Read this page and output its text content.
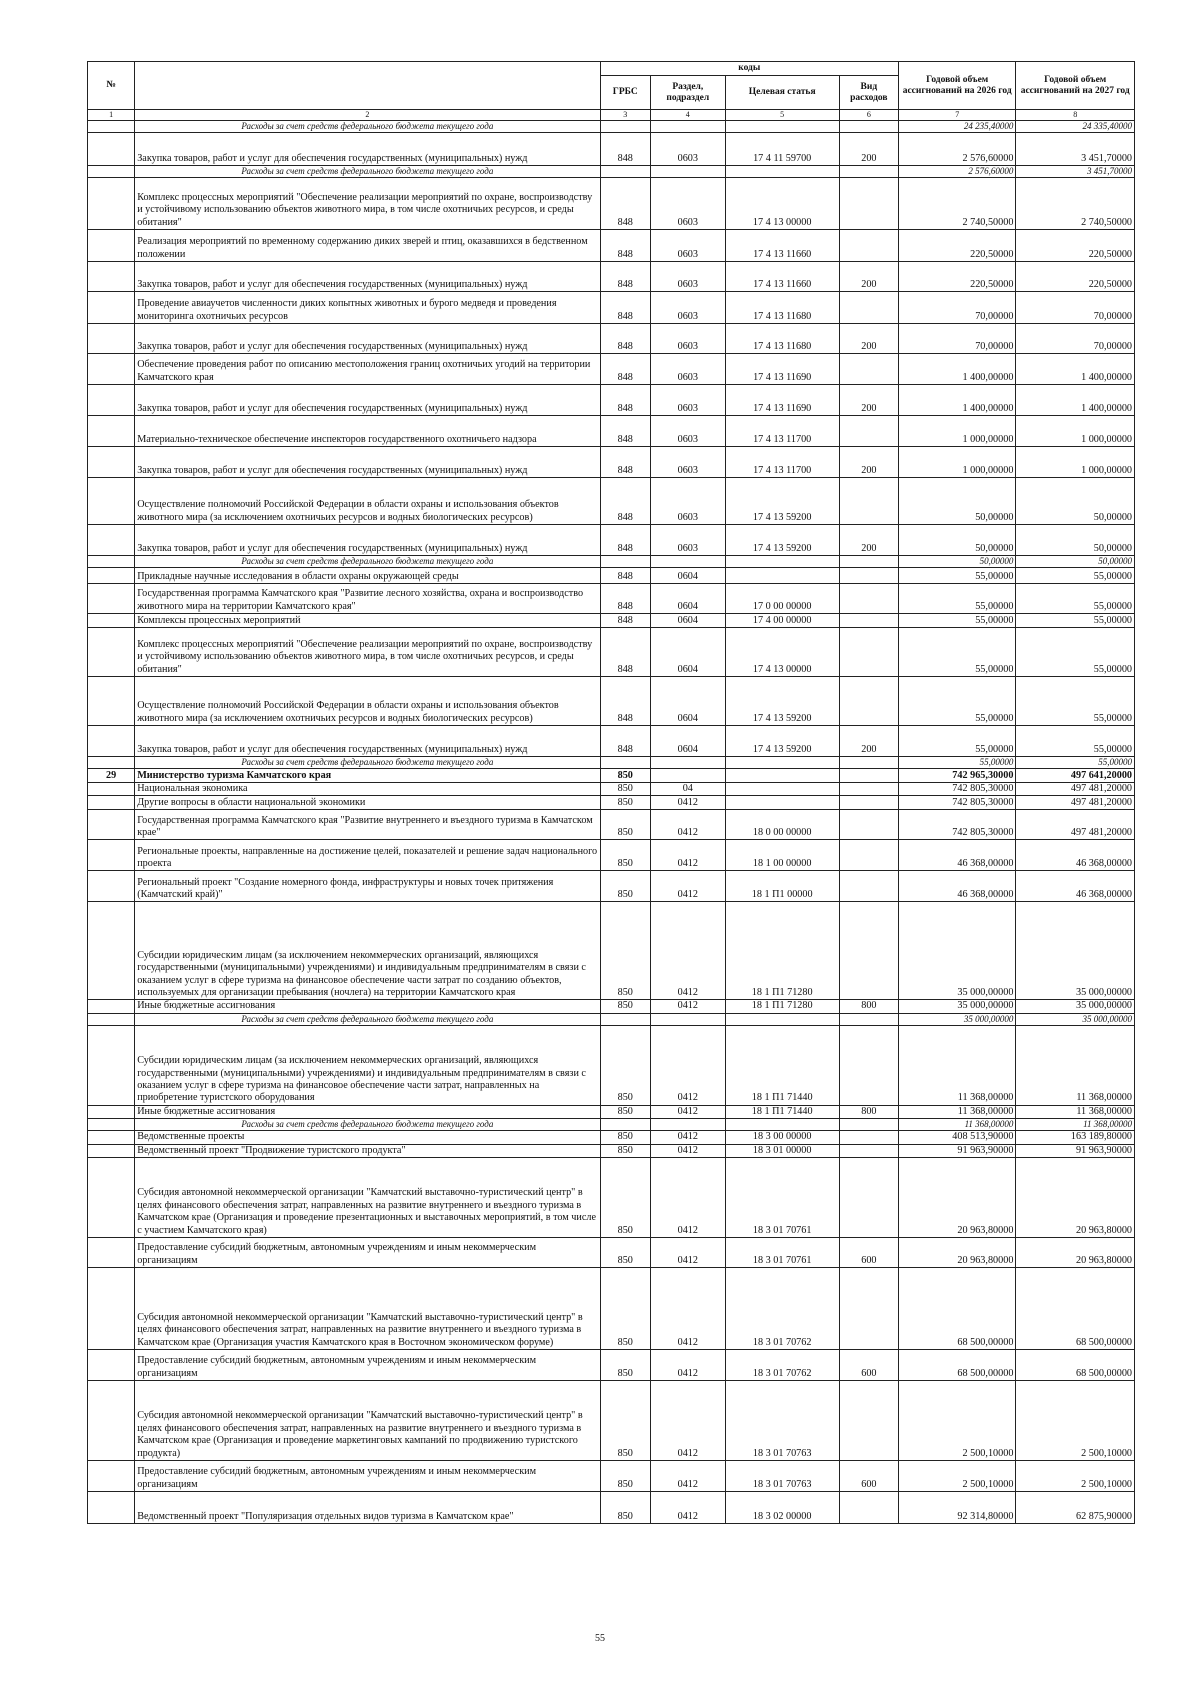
№		коды				Годовой объем ассигнований на 2026 год	Годовой объем ассигнований на 2027 год
		ГРБС	Раздел, подраздел	Целевая статья	Вид расходов		
1	2	3	4	5	6	7	8
	Расходы за счет средств федерального бюджета текущего года					24 235,40000	24 335,40000
	Закупка товаров, работ и услуг для обеспечения государственных (муниципальных) нужд	848	0603	17 4 11 59700	200	2 576,60000	3 451,70000
	Расходы за счет средств федерального бюджета текущего года					2 576,60000	3 451,70000
	Комплекс процессных мероприятий "Обеспечение реализации мероприятий по охране, воспроизводству и устойчивому использованию объектов животного мира, в том числе охотничьих ресурсов, и среды обитания"	848	0603	17 4 13 00000		2 740,50000	2 740,50000
	Реализация мероприятий по временному содержанию диких зверей и птиц, оказавшихся в бедственном положении	848	0603	17 4 13 11660		220,50000	220,50000
	Закупка товаров, работ и услуг для обеспечения государственных (муниципальных) нужд	848	0603	17 4 13 11660	200	220,50000	220,50000
	Проведение авиаучетов численности диких копытных животных и бурого медведя и проведения мониторинга охотничьих ресурсов	848	0603	17 4 13 11680		70,00000	70,00000
	Закупка товаров, работ и услуг для обеспечения государственных (муниципальных) нужд	848	0603	17 4 13 11680	200	70,00000	70,00000
	Обеспечение проведения работ по описанию местоположения границ охотничьих угодий на территории Камчатского края	848	0603	17 4 13 11690		1 400,00000	1 400,00000
	Закупка товаров, работ и услуг для обеспечения государственных (муниципальных) нужд	848	0603	17 4 13 11690	200	1 400,00000	1 400,00000
	Материально-техническое обеспечение инспекторов государственного охотничьего надзора	848	0603	17 4 13 11700		1 000,00000	1 000,00000
	Закупка товаров, работ и услуг для обеспечения государственных (муниципальных) нужд	848	0603	17 4 13 11700	200	1 000,00000	1 000,00000
	Осуществление полномочий Российской Федерации в области охраны и использования объектов животного мира (за исключением охотничьих ресурсов и водных биологических ресурсов)	848	0603	17 4 13 59200		50,00000	50,00000
	Закупка товаров, работ и услуг для обеспечения государственных (муниципальных) нужд	848	0603	17 4 13 59200	200	50,00000	50,00000
	Расходы за счет средств федерального бюджета текущего года					50,00000	50,00000
	Прикладные научные исследования в области охраны окружающей среды	848	0604			55,00000	55,00000
	Государственная программа Камчатского края "Развитие лесного хозяйства, охрана и воспроизводство животного мира на территории Камчатского края"	848	0604	17 0 00 00000		55,00000	55,00000
	Комплексы процессных мероприятий	848	0604	17 4 00 00000		55,00000	55,00000
	Комплекс процессных мероприятий "Обеспечение реализации мероприятий по охране, воспроизводству и устойчивому использованию объектов животного мира, в том числе охотничьих ресурсов, и среды обитания"	848	0604	17 4 13 00000		55,00000	55,00000
	Осуществление полномочий Российской Федерации в области охраны и использования объектов животного мира (за исключением охотничьих ресурсов и водных биологических ресурсов)	848	0604	17 4 13 59200		55,00000	55,00000
	Закупка товаров, работ и услуг для обеспечения государственных (муниципальных) нужд	848	0604	17 4 13 59200	200	55,00000	55,00000
	Расходы за счет средств федерального бюджета текущего года					55,00000	55,00000
29	Министерство туризма Камчатского края	850				742 965,30000	497 641,20000
	Национальная экономика	850	04			742 805,30000	497 481,20000
	Другие вопросы в области национальной экономики	850	0412			742 805,30000	497 481,20000
	Государственная программа Камчатского края "Развитие внутреннего и въездного туризма в Камчатском крае"	850	0412	18 0 00 00000		742 805,30000	497 481,20000
	Региональные проекты, направленные на достижение целей, показателей и решение задач национального проекта	850	0412	18 1 00 00000		46 368,00000	46 368,00000
	Региональный проект "Создание номерного фонда, инфраструктуры и новых точек притяжения (Камчатский край)"	850	0412	18 1 П1 00000		46 368,00000	46 368,00000
	Субсидии юридическим лицам (за исключением некоммерческих организаций, являющихся государственными (муниципальными) учреждениями) и индивидуальным предпринимателям в связи с оказанием услуг в сфере туризма на финансовое обеспечение части затрат по созданию объектов, используемых для организации пребывания (ночлега) на территории Камчатского края	850	0412	18 1 П1 71280		35 000,00000	35 000,00000
	Иные бюджетные ассигнования	850	0412	18 1 П1 71280	800	35 000,00000	35 000,00000
	Расходы за счет средств федерального бюджета текущего года					35 000,00000	35 000,00000
	Субсидии юридическим лицам (за исключением некоммерческих организаций, являющихся государственными (муниципальными) учреждениями) и индивидуальным предпринимателям в связи с оказанием услуг в сфере туризма на финансовое обеспечение части затрат, направленных на приобретение туристского оборудования	850	0412	18 1 П1 71440		11 368,00000	11 368,00000
	Иные бюджетные ассигнования	850	0412	18 1 П1 71440	800	11 368,00000	11 368,00000
	Расходы за счет средств федерального бюджета текущего года					11 368,00000	11 368,00000
	Ведомственные проекты	850	0412	18 3 00 00000		408 513,90000	163 189,80000
	Ведомственный проект "Продвижение туристского продукта"	850	0412	18 3 01 00000		91 963,90000	91 963,90000
	Субсидия автономной некоммерческой организации "Камчатский выставочно-туристический центр" в целях финансового обеспечения затрат, направленных на развитие внутреннего и въездного туризма в Камчатском крае (Организация и проведение презентационных и выставочных мероприятий, в том числе с участием Камчатского края)	850	0412	18 3 01 70761		20 963,80000	20 963,80000
	Предоставление субсидий бюджетным, автономным учреждениям и иным некоммерческим организациям	850	0412	18 3 01 70761	600	20 963,80000	20 963,80000
	Субсидия автономной некоммерческой организации "Камчатский выставочно-туристический центр" в целях финансового обеспечения затрат, направленных на развитие внутреннего и въездного туризма в Камчатском крае (Организация участия Камчатского края в Восточном экономическом форуме)	850	0412	18 3 01 70762		68 500,00000	68 500,00000
	Предоставление субсидий бюджетным, автономным учреждениям и иным некоммерческим организациям	850	0412	18 3 01 70762	600	68 500,00000	68 500,00000
	Субсидия автономной некоммерческой организации "Камчатский выставочно-туристический центр" в целях финансового обеспечения затрат, направленных на развитие внутреннего и въездного туризма в Камчатском крае (Организация и проведение маркетинговых кампаний по продвижению туристского продукта)	850	0412	18 3 01 70763		2 500,10000	2 500,10000
	Предоставление субсидий бюджетным, автономным учреждениям и иным некоммерческим организациям	850	0412	18 3 01 70763	600	2 500,10000	2 500,10000
	Ведомственный проект "Популяризация отдельных видов туризма в Камчатском крае"	850	0412	18 3 02 00000		92 314,80000	62 875,90000
55
